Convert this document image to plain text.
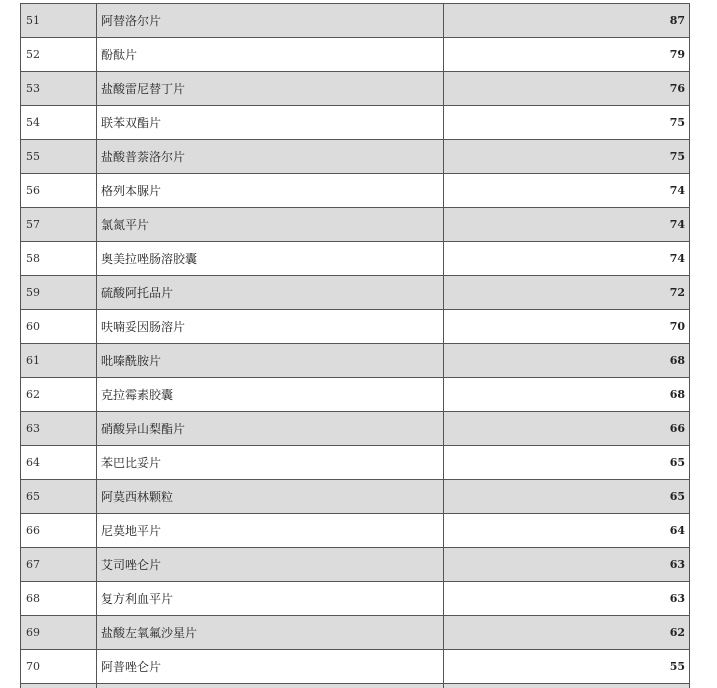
51	阿替洛尔片	87
52	酚酞片	79
53	盐酸雷尼替丁片	76
54	联苯双酯片	75
55	盐酸普萘洛尔片	75
56	格列本脲片	74
57	氯氮平片	74
58	奥美拉唑肠溶胶囊	74
59	硫酸阿托品片	72
60	呋喃妥因肠溶片	70
61	吡嗪酰胺片	68
62	克拉霉素胶囊	68
63	硝酸异山梨酯片	66
64	苯巴比妥片	65
65	阿莫西林颗粒	65
66	尼莫地平片	64
67	艾司唑仑片	63
68	复方利血平片	63
69	盐酸左氧氟沙星片	62
70	阿普唑仑片	55
